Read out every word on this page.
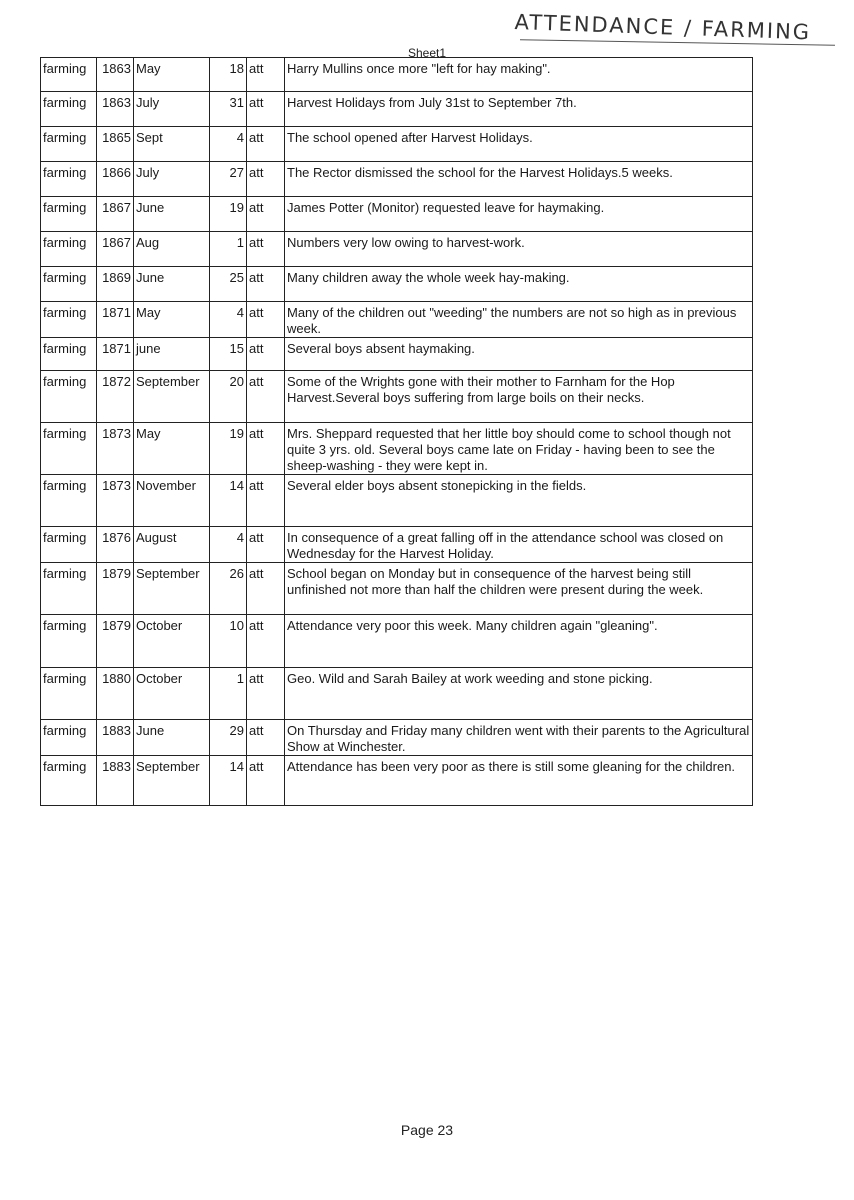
ATTENDANCE / FARMING
Sheet1
farming	1863	May	18	att	Harry Mullins once more "left for hay making".
farming	1863	July	31	att	Harvest Holidays from July 31st to September 7th.
farming	1865	Sept	4	att	The school opened after Harvest Holidays.
farming	1866	July	27	att	The Rector dismissed the school for the Harvest Holidays.5 weeks.
farming	1867	June	19	att	James Potter (Monitor) requested leave for haymaking.
farming	1867	Aug	1	att	Numbers very low owing to harvest-work.
farming	1869	June	25	att	Many children away the whole week hay-making.
farming	1871	May	4	att	Many of the children out "weeding" the numbers are not so high as in previous week.
farming	1871	june	15	att	Several boys absent haymaking.
farming	1872	September	20	att	Some of the Wrights gone with their mother to Farnham for the Hop Harvest.Several boys suffering from large boils on their necks.
farming	1873	May	19	att	Mrs. Sheppard requested that her little boy should come to school though not quite 3 yrs. old. Several boys came late on Friday - having been to see the sheep-washing - they were kept in.
farming	1873	November	14	att	Several elder boys absent stonepicking in the fields.
farming	1876	August	4	att	In consequence of a great falling off in the attendance school was closed on Wednesday for the Harvest Holiday.
farming	1879	September	26	att	School began on Monday but in consequence of the harvest being still unfinished not more than half the children were present during the week.
farming	1879	October	10	att	Attendance very poor this week. Many children again "gleaning".
farming	1880	October	1	att	Geo. Wild and Sarah Bailey at work weeding and stone picking.
farming	1883	June	29	att	On Thursday and Friday many children went with their parents to the Agricultural Show at Winchester.
farming	1883	September	14	att	Attendance has been very poor as there is still some gleaning for the children.
Page 23
